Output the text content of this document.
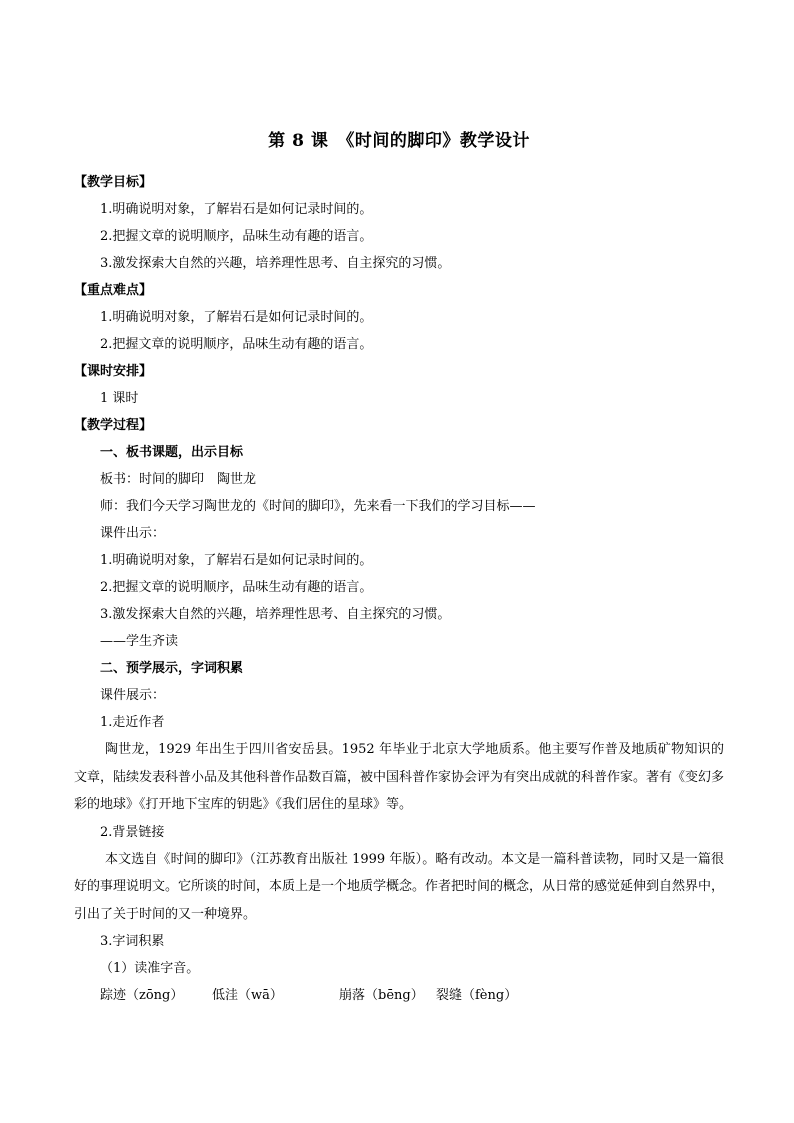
第 8 课　《时间的脚印》教学设计
【教学目标】
1.明确说明对象，了解岩石是如何记录时间的。
2.把握文章的说明顺序，品味生动有趣的语言。
3.激发探索大自然的兴趣，培养理性思考、自主探究的习惯。
【重点难点】
1.明确说明对象，了解岩石是如何记录时间的。
2.把握文章的说明顺序，品味生动有趣的语言。
【课时安排】
1 课时
【教学过程】
一、板书课题，出示目标
板书：时间的脚印　陶世龙
师：我们今天学习陶世龙的《时间的脚印》，先来看一下我们的学习目标——
课件出示：
1.明确说明对象，了解岩石是如何记录时间的。
2.把握文章的说明顺序，品味生动有趣的语言。
3.激发探索大自然的兴趣，培养理性思考、自主探究的习惯。
——学生齐读
二、预学展示，字词积累
课件展示：
1.走近作者
陶世龙，1929 年出生于四川省安岳县。1952 年毕业于北京大学地质系。他主要写作普及地质矿物知识的文章，陆续发表科普小品及其他科普作品数百篇，被中国科普作家协会评为有突出成就的科普作家。著有《变幻多彩的地球》《打开地下宝库的钥匙》《我们居住的星球》等。
2.背景链接
本文选自《时间的脚印》（江苏教育出版社 1999 年版）。略有改动。本文是一篇科普读物，同时又是一篇很好的事理说明文。它所谈的时间，本质上是一个地质学概念。作者把时间的概念，从日常的感觉延伸到自然界中，引出了关于时间的又一种境界。
3.字词积累
（1）读准字音。
踪迹（zōng） 低洼（wā）	崩落（bēng） 裂缝（fèng）
